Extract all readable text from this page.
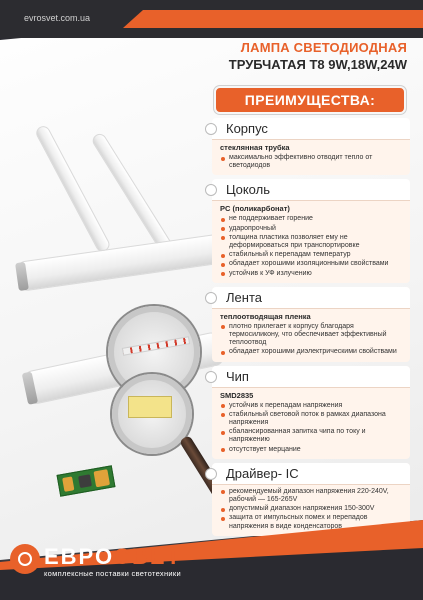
evrosvet.com.ua
ЛАМПА СВЕТОДИОДНАЯ
ТРУБЧАТАЯ Т8 9W,18W,24W
ПРЕИМУЩЕСТВА:
Корпус
стеклянная трубка
максимально эффективно отводит тепло от светодиодов
Цоколь
PC (поликарбонат)
не поддерживает горение
ударопрочный
толщина пластика позволяет ему не деформироваться при транспортировке
стабильный к перепадам температур
обладает хорошими изоляционными свойствами
устойчив к УФ излучению
Лента
теплоотводящая пленка
плотно прилегает к корпусу благодаря термосиликону, что обеспечивает эффективный теплоотвод
обладает хорошими диэлектрическими свойствами
Чип
SMD2835
устойчив к перепадам напряжения
стабильный световой поток в рамках диапазона напряжения
сбалансированная запитка чипа по току и напряжению
отсутствует мерцание
Драйвер- IC
рекомендуемый диапазон напряжения 220-240V, рабочий — 165-265V
допустимый диапазон напряжения 150-300V
защита от импульсных помех и перепадов напряжения в виде конденсаторов
ЕВРОСВЕТ
комплексные поставки светотехники
